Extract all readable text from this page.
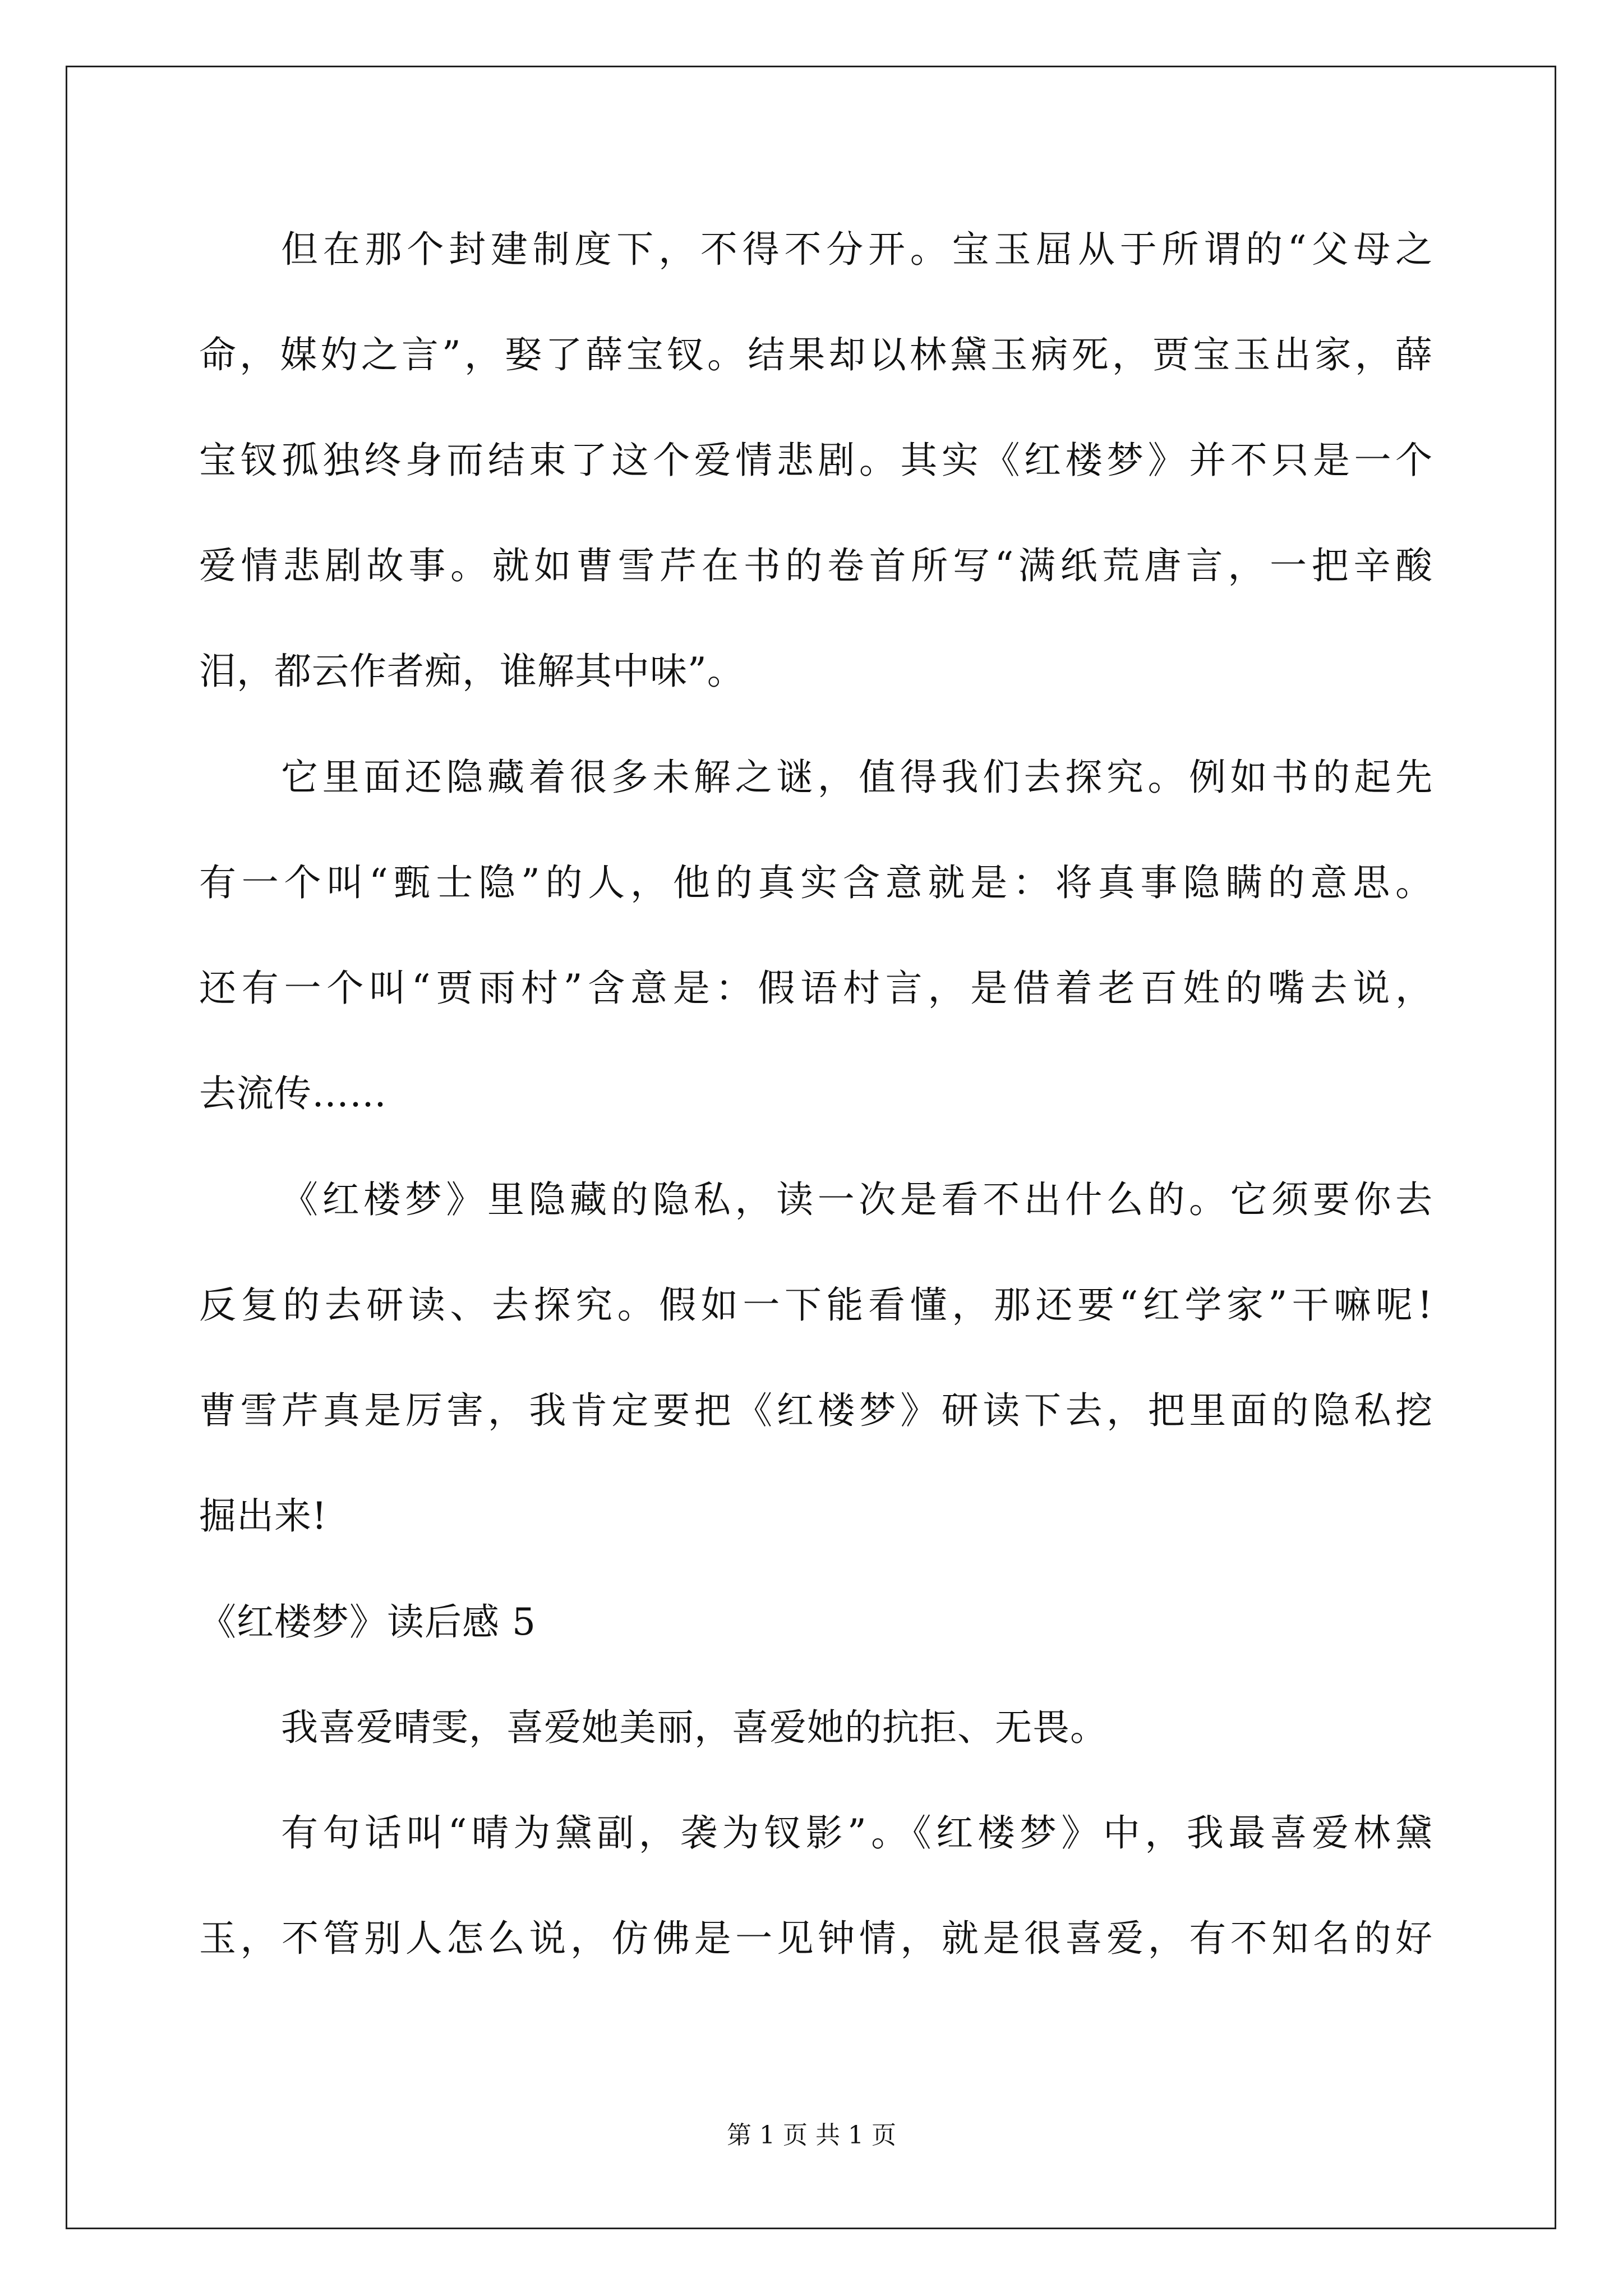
但在那个封建制度下，不得不分开。宝玉屈从于所谓的“父母之
命，媒妁之言”，娶了薛宝钗。结果却以林黛玉病死，贾宝玉出家，薛
宝钗孤独终身而结束了这个爱情悲剧。其实《红楼梦》并不只是一个
爱情悲剧故事。就如曹雪芹在书的卷首所写“满纸荒唐言，一把辛酸
泪，都云作者痴，谁解其中味”。
它里面还隐藏着很多未解之谜，值得我们去探究。例如书的起先
有一个叫“甄士隐”的人，他的真实含意就是：将真事隐瞒的意思。
还有一个叫“贾雨村”含意是：假语村言，是借着老百姓的嘴去说，
去流传……
《红楼梦》里隐藏的隐私，读一次是看不出什么的。它须要你去
反复的去研读、去探究。假如一下能看懂，那还要“红学家”干嘛呢!
曹雪芹真是厉害，我肯定要把《红楼梦》研读下去，把里面的隐私挖
掘出来!
《红楼梦》读后感 5
我喜爱晴雯，喜爱她美丽，喜爱她的抗拒、无畏。
有句话叫“晴为黛副，袭为钗影”。《红楼梦》中，我最喜爱林黛
玉，不管别人怎么说，仿佛是一见钟情，就是很喜爱，有不知名的好
第 1 页 共 1 页
